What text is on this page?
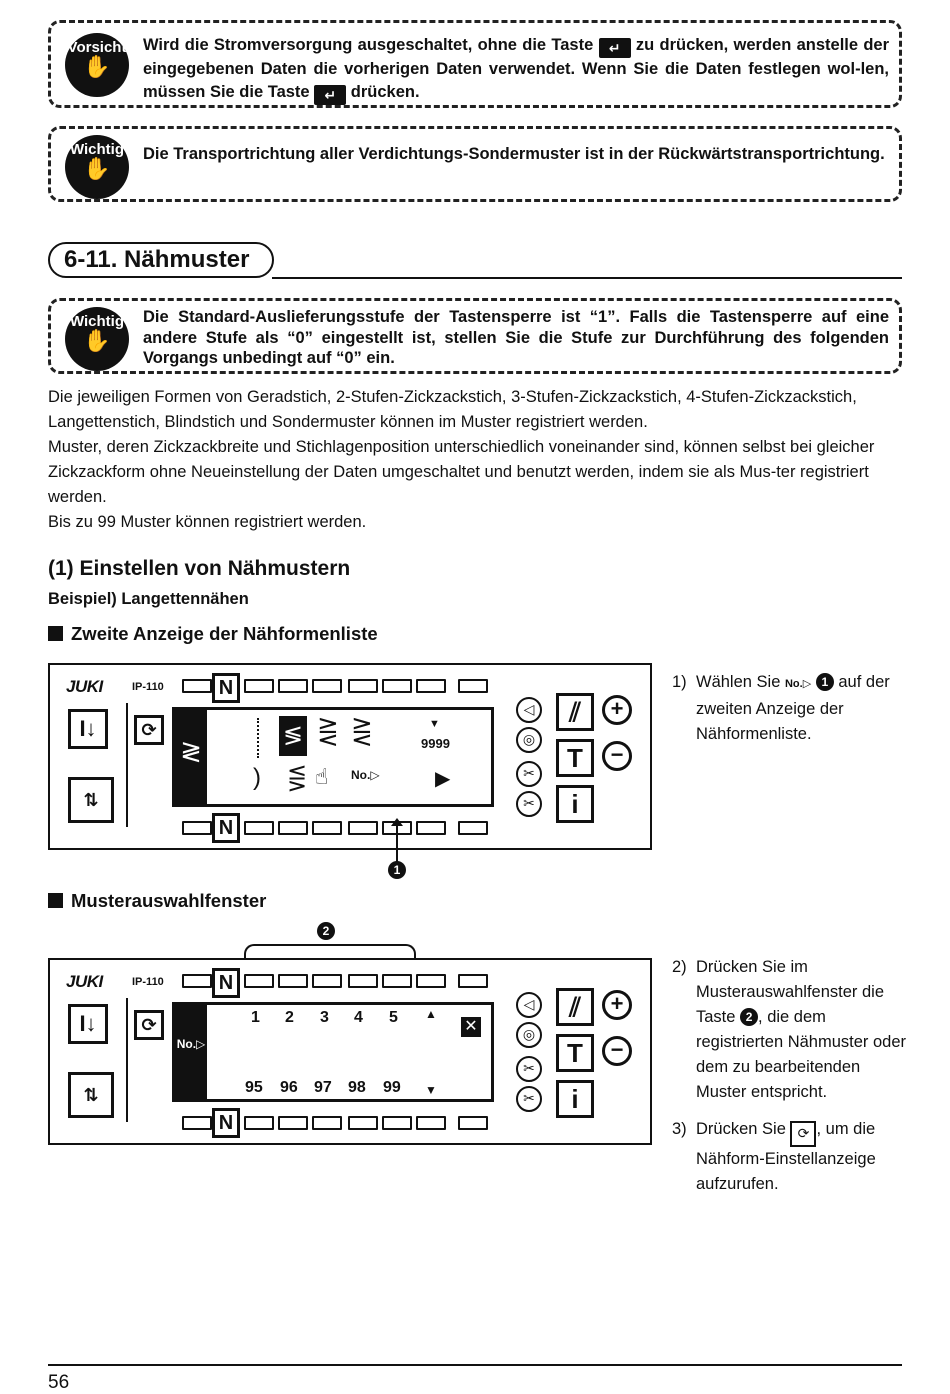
Vorsicht
✋
Wird die Stromversorgung ausgeschaltet, ohne die Taste ↵ zu drücken, werden anstelle der eingegebenen Daten die vorherigen Daten verwendet. Wenn Sie die Daten festlegen wol-len, müssen Sie die Taste ↵ drücken.
Wichtig
✋
Die Transportrichtung aller Verdichtungs-Sondermuster ist in der Rückwärtstransportrichtung.
6-11. Nähmuster
Wichtig
✋
Die Standard-Auslieferungsstufe der Tastensperre ist “1”. Falls die Tastensperre auf eine andere Stufe als “0” eingestellt ist, stellen Sie die Stufe zur Durchführung des folgenden Vorgangs unbedingt auf “0” ein.

Die jeweiligen Formen von Geradstich, 2-Stufen-Zickzackstich, 3-Stufen-Zickzackstich, 4-Stufen-Zickzackstich, Langettenstich, Blindstich und Sondermuster können im Muster registriert werden.

Muster, deren Zickzackbreite und Stichlagenposition unterschiedlich voneinander sind, können selbst bei gleicher Zickzackform ohne Neueinstellung der Daten umgeschaltet und benutzt werden, indem sie als Mus-ter registriert werden.

Bis zu 99 Muster können registriert werden.

(1) Einstellen von Nähmustern
Beispiel) Langettennähen
Zweite Anzeige der Nähformenliste
JUKI	IP-110	N
I↓	⟳
⇅
≷
≶ ⋛ ⋛
) ⋚ ☝ No.▷
▼
9999
▶
◁
◎
✂
✂
⫽
T
i
+
−
N
1
Musterauswahlfenster
2
JUKI	IP-110	N
I↓	⟳
⇅
No.▷
1 2 3 4 5 ▲
✕
95 96 97 98 99 ▼
◁
◎
✂
✂
⫽
T
i
+
−
N
1) Wählen Sie No.▷ 1 auf der zweiten Anzeige der Nähformenliste.
2) Drücken Sie im Musterauswahlfenster die Taste 2 , die dem registrierten Nähmuster oder dem zu bearbeitenden Muster entspricht.
3) Drücken Sie ⟳ , um die Nähform-Einstellanzeige aufzurufen.
56
